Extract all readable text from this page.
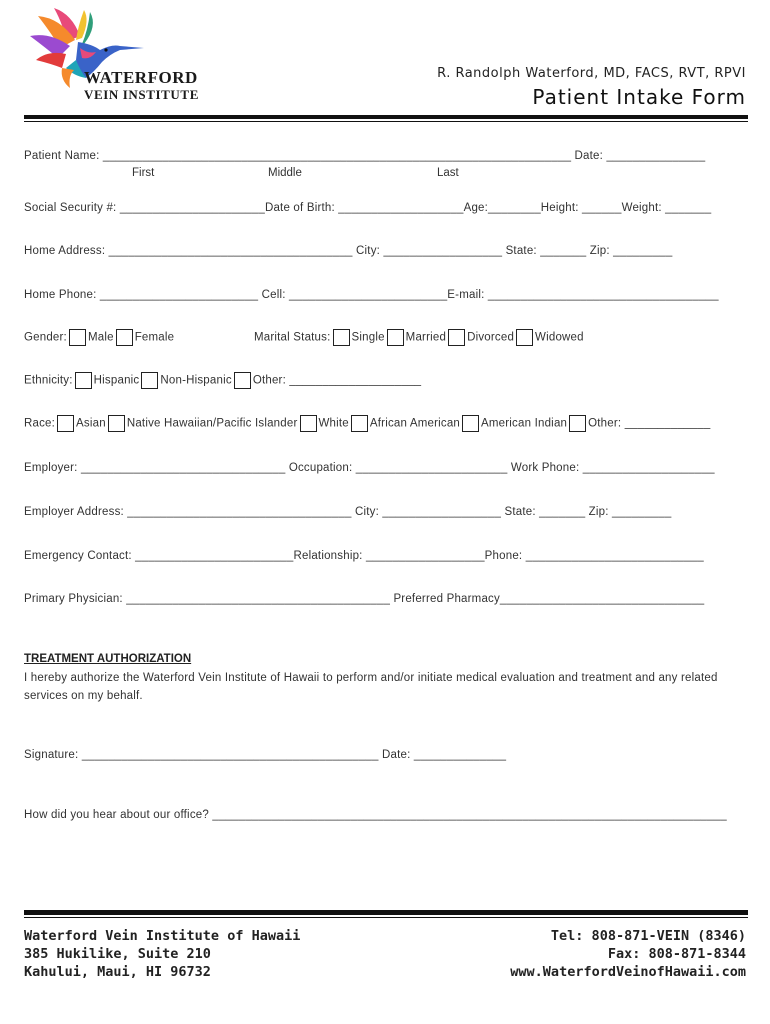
WATERFORD
VEIN INSTITUTE
R. Randolph Waterford, MD, FACS, RVT, RPVI
Patient Intake Form
Patient Name: _______________________________________________________________________ Date: _______________
First	Middle	Last
Social Security #: ______________________Date of Birth: ___________________Age:________Height: ______Weight: _______
Home Address: _____________________________________ City: __________________ State: _______ Zip: _________
Home Phone: ________________________ Cell: ________________________E-mail: ___________________________________
Gender: Male Female	Marital Status: Single Married Divorced Widowed
Ethnicity: Hispanic Non-Hispanic Other: ____________________
Race: Asian Native Hawaiian/Pacific Islander White African American American Indian Other: _____________
Employer: _______________________________ Occupation: _______________________ Work Phone: ____________________
Employer Address: __________________________________ City: __________________ State: _______ Zip: _________
Emergency Contact: ________________________Relationship: __________________Phone: ___________________________
Primary Physician: ________________________________________ Preferred Pharmacy_______________________________
TREATMENT AUTHORIZATION
I hereby authorize the Waterford Vein Institute of Hawaii to perform and/or initiate medical evaluation and treatment and any related services on my behalf.
Signature: _____________________________________________ Date: ______________
How did you hear about our office? ______________________________________________________________________________
Waterford Vein Institute of Hawaii
385 Hukilike, Suite 210
Kahului, Maui, HI 96732
Tel: 808-871-VEIN (8346)
Fax: 808-871-8344
www.WaterfordVeinofHawaii.com
